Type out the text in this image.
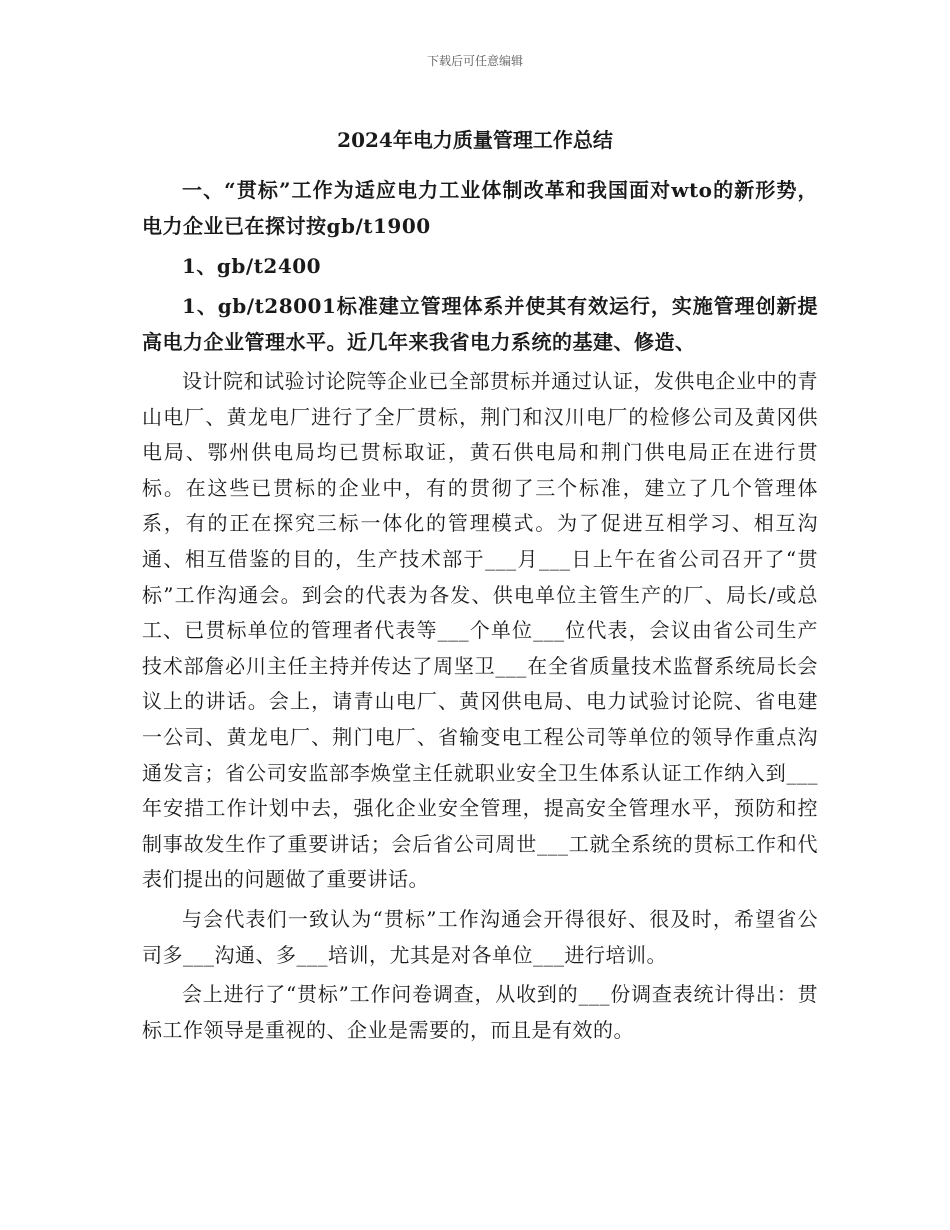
下载后可任意编辑
2024年电力质量管理工作总结

一、“贯标”工作为适应电力工业体制改革和我国面对wto的新形势，电力企业已在探讨按gb/t1900

1、gb/t2400

1、gb/t28001标准建立管理体系并使其有效运行，实施管理创新提高电力企业管理水平。近几年来我省电力系统的基建、修造、

设计院和试验讨论院等企业已全部贯标并通过认证，发供电企业中的青山电厂、黄龙电厂进行了全厂贯标，荆门和汉川电厂的检修公司及黄冈供电局、鄂州供电局均已贯标取证，黄石供电局和荆门供电局正在进行贯标。在这些已贯标的企业中，有的贯彻了三个标准，建立了几个管理体系，有的正在探究三标一体化的管理模式。为了促进互相学习、相互沟通、相互借鉴的目的，生产技术部于___月___日上午在省公司召开了“贯标”工作沟通会。到会的代表为各发、供电单位主管生产的厂、局长/或总工、已贯标单位的管理者代表等___个单位___位代表，会议由省公司生产技术部詹必川主任主持并传达了周坚卫___在全省质量技术监督系统局长会议上的讲话。会上，请青山电厂、黄冈供电局、电力试验讨论院、省电建一公司、黄龙电厂、荆门电厂、省输变电工程公司等单位的领导作重点沟通发言；省公司安监部李焕堂主任就职业安全卫生体系认证工作纳入到___年安措工作计划中去，强化企业安全管理，提高安全管理水平，预防和控制事故发生作了重要讲话；会后省公司周世___工就全系统的贯标工作和代表们提出的问题做了重要讲话。

与会代表们一致认为“贯标”工作沟通会开得很好、很及时，希望省公司多___沟通、多___培训，尤其是对各单位___进行培训。

会上进行了“贯标”工作问卷调查，从收到的___份调查表统计得出：贯标工作领导是重视的、企业是需要的，而且是有效的。
